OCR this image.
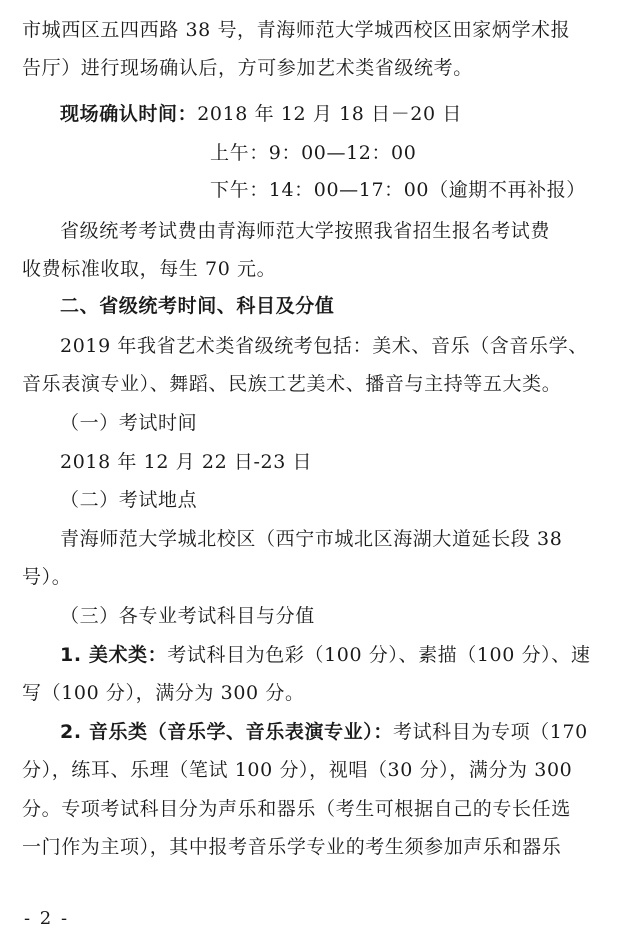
市城西区五四西路 38 号，青海师范大学城西校区田家炳学术报
告厅）进行现场确认后，方可参加艺术类省级统考。
现场确认时间：2018 年 12 月 18 日－20 日
上午：9：00—12：00
下午：14：00—17：00（逾期不再补报）
省级统考考试费由青海师范大学按照我省招生报名考试费
收费标准收取，每生 70 元。
二、省级统考时间、科目及分值
2019 年我省艺术类省级统考包括：美术、音乐（含音乐学、
音乐表演专业）、舞蹈、民族工艺美术、播音与主持等五大类。
（一）考试时间
2018 年 12 月 22 日-23 日
（二）考试地点
青海师范大学城北校区（西宁市城北区海湖大道延长段 38
号）。
（三）各专业考试科目与分值
1. 美术类：考试科目为色彩（100 分）、素描（100 分）、速
写（100 分），满分为 300 分。
2. 音乐类（音乐学、音乐表演专业）：考试科目为专项（170
分），练耳、乐理（笔试 100 分），视唱（30 分），满分为 300
分。专项考试科目分为声乐和器乐（考生可根据自己的专长任选
一门作为主项），其中报考音乐学专业的考生须参加声乐和器乐
- 2 -
